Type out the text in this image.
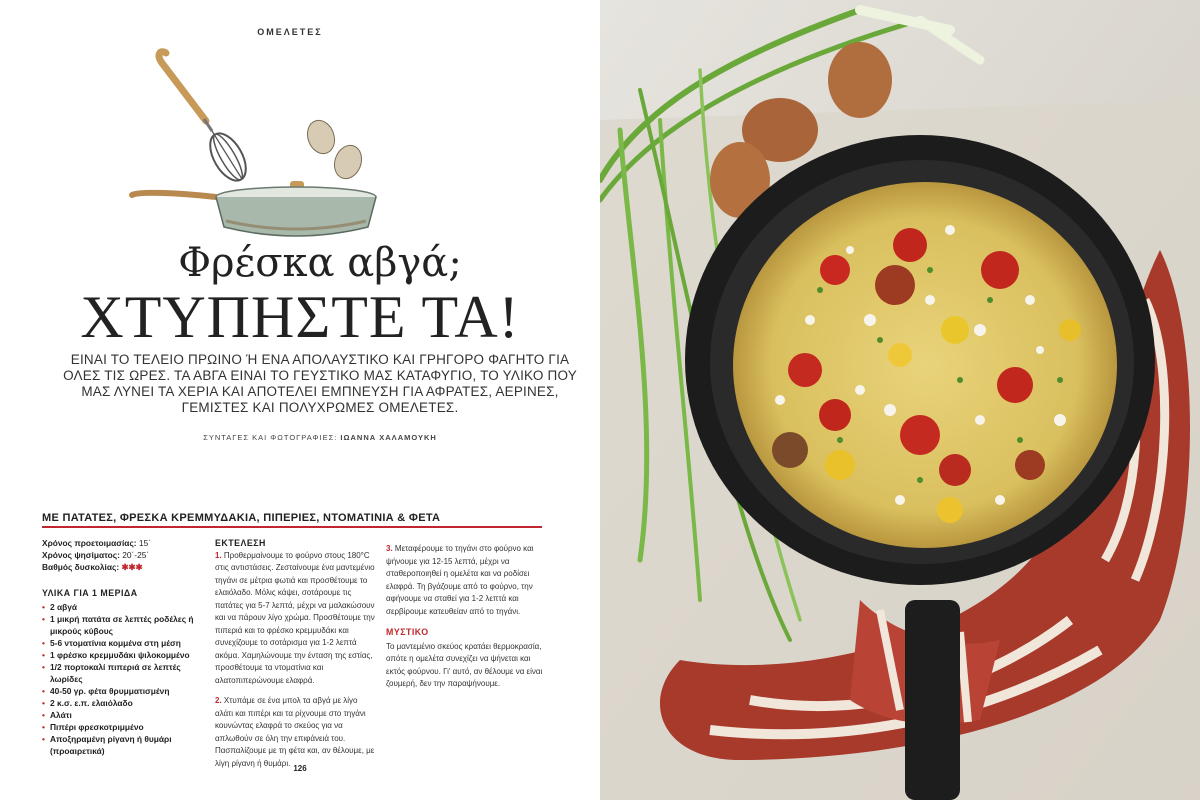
ΟΜΕΛΕΤΕΣ
Φρέσκα αβγά;
ΧΤΥΠΗΣΤΕ ΤΑ!
ΕΙΝΑΙ ΤΟ ΤΕΛΕΙΟ ΠΡΩΙΝΟ Ή ΕΝΑ ΑΠΟΛΑΥΣΤΙΚΟ ΚΑΙ ΓΡΗΓΟΡΟ ΦΑΓΗΤΟ ΓΙΑ ΟΛΕΣ ΤΙΣ ΩΡΕΣ. ΤΑ ΑΒΓΑ ΕΙΝΑΙ ΤΟ ΓΕΥΣΤΙΚΟ ΜΑΣ ΚΑΤΑΦΥΓΙΟ, ΤΟ ΥΛΙΚΟ ΠΟΥ ΜΑΣ ΛΥΝΕΙ ΤΑ ΧΕΡΙΑ ΚΑΙ ΑΠΟΤΕΛΕΙ ΕΜΠΝΕΥΣΗ ΓΙΑ ΑΦΡΑΤΕΣ, ΑΕΡΙΝΕΣ, ΓΕΜΙΣΤΕΣ ΚΑΙ ΠΟΛΥΧΡΩΜΕΣ ΟΜΕΛΕΤΕΣ.
ΣΥΝΤΑΓΕΣ ΚΑΙ ΦΩΤΟΓΡΑΦΙΕΣ: ΙΩΑΝΝΑ ΧΑΛΑΜΟΥΚΗ
ΜΕ ΠΑΤΑΤΕΣ, ΦΡΕΣΚΑ ΚΡΕΜΜΥΔΑΚΙΑ, ΠΙΠΕΡΙΕΣ, ΝΤΟΜΑΤΙΝΙΑ & ΦΕΤΑ
Χρόνος προετοιμασίας: 15΄
Χρόνος ψησίματος: 20΄-25΄
Βαθμός δυσκολίας: ✱✱✱
ΥΛΙΚΑ ΓΙΑ 1 ΜΕΡΙΔΑ
• 2 αβγά
• 1 μικρή πατάτα σε λεπτές ροδέλες ή μικρούς κύβους
• 5-6 ντοματίνια κομμένα στη μέση
• 1 φρέσκο κρεμμυδάκι ψιλοκομμένο
• 1/2 πορτοκαλί πιπεριά σε λεπτές λωρίδες
• 40-50 γρ. φέτα θρυμματισμένη
• 2 κ.σ. ε.π. ελαιόλαδο
• Αλάτι
• Πιπέρι φρεσκοτριμμένο
• Αποξηραμένη ρίγανη ή θυμάρι (προαιρετικά)
ΕΚΤΕΛΕΣΗ

1. Προθερμαίνουμε το φούρνο στους 180°C στις αντιστάσεις. Ζεσταίνουμε ένα μαντεμένιο τηγάνι σε μέτρια φωτιά και προσθέτουμε το ελαιόλαδο. Μόλις κάψει, σοτάρουμε τις πατάτες για 5-7 λεπτά, μέχρι να μαλακώσουν και να πάρουν λίγο χρώμα. Προσθέτουμε την πιπεριά και το φρέσκο κρεμμυδάκι και συνεχίζουμε το σοτάρισμα για 1-2 λεπτά ακόμα. Χαμηλώνουμε την ένταση της εστίας, προσθέτουμε τα ντοματίνια και αλατοπιπερώνουμε ελαφρά.

2. Χτυπάμε σε ένα μπολ τα αβγά με λίγο αλάτι και πιπέρι και τα ρίχνουμε στο τηγάνι κουνώντας ελαφρά το σκεύος για να απλωθούν σε όλη την επιφάνειά του. Πασπαλίζουμε με τη φέτα και, αν θέλουμε, με λίγη ρίγανη ή θυμάρι.

3. Μεταφέρουμε το τηγάνι στο φούρνο και ψήνουμε για 12-15 λεπτά, μέχρι να σταθεροποιηθεί η ομελέτα και να ροδίσει ελαφρά. Τη βγάζουμε από το φούρνο, την αφήνουμε να σταθεί για 1-2 λεπτά και σερβίρουμε κατευθείαν από το τηγάνι.

ΜΥΣΤΙΚΟ

Το μαντεμένιο σκεύος κρατάει θερμοκρασία, οπότε η ομελέτα συνεχίζει να ψήνεται και εκτός φούρνου. Γι' αυτό, αν θέλουμε να είναι ζουμερή, δεν την παραψήνουμε.

126
